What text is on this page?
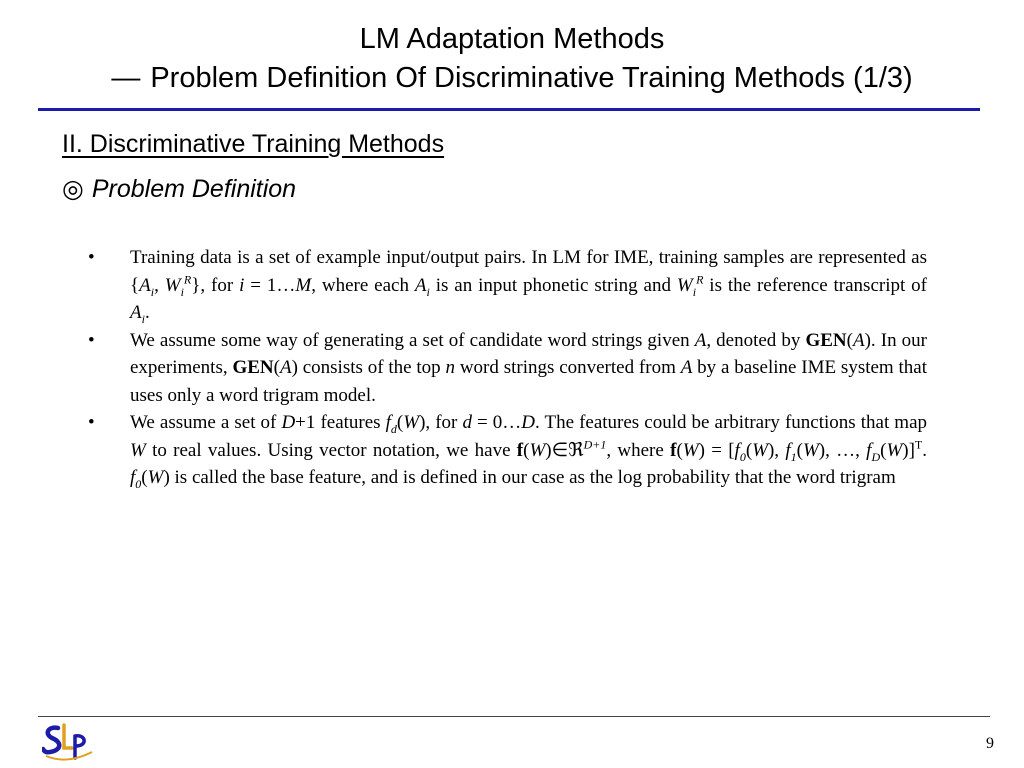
LM Adaptation Methods
— Problem Definition Of Discriminative Training Methods (1/3)
II. Discriminative Training Methods
◎ Problem Definition
•	Training data is a set of example input/output pairs. In LM for IME, training samples are represented as {$A_i$, $W_i^R$}, for i = 1…M, where each $A_i$ is an input phonetic string and $W_i^R$ is the reference transcript of $A_i$.
•	We assume some way of generating a set of candidate word strings given A, denoted by GEN(A). In our experiments, GEN(A) consists of the top n word strings converted from A by a baseline IME system that uses only a word trigram model.
•	We assume a set of D+1 features $f_d(W)$, for d = 0…D. The features could be arbitrary functions that map W to real values. Using vector notation, we have f(W)∈ℜ$^{D+1}$, where $f(W) = [f_0(W)$, $f_1(W)$, …, $f_D(W)]^T$. $f_0(W)$ is called the base feature, and is defined in our case as the log probability that the word trigram
9
